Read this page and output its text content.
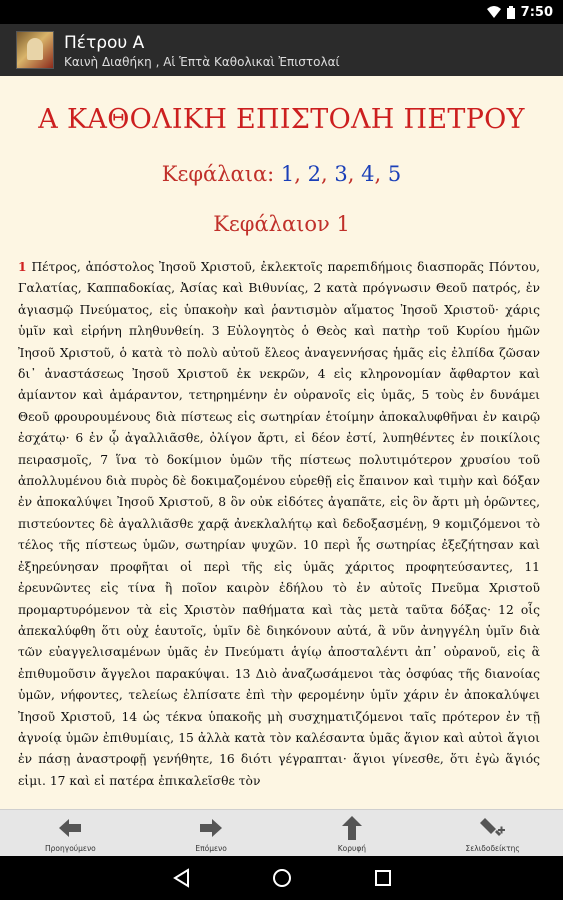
7:50
Πέτρου Α
Καινὴ Διαθήκη , Αἱ Ἑπτὰ Καθολικαὶ Ἐπιστολαί
Α ΚΑΘΟΛΙΚΗ ΕΠΙΣΤΟΛΗ ΠΕΤΡΟΥ
Κεφάλαια: 1, 2, 3, 4, 5
Κεφάλαιον 1
1 Πέτρος, ἀπόστολος Ἰησοῦ Χριστοῦ, ἐκλεκτοῖς παρεπιδήμοις διασπορᾶς Πόντου, Γαλατίας, Καππαδοκίας, Ἀσίας καὶ Βιθυνίας, 2 κατὰ πρόγνωσιν Θεοῦ πατρός, ἐν ἁγιασμῷ Πνεύματος, εἰς ὑπακοὴν καὶ ῥαντισμὸν αἵματος Ἰησοῦ Χριστοῦ· χάρις ὑμῖν καὶ εἰρήνη πληθυνθείη. 3 Εὐλογητὸς ὁ Θεὸς καὶ πατὴρ τοῦ Κυρίου ἡμῶν Ἰησοῦ Χριστοῦ, ὁ κατὰ τὸ πολὺ αὐτοῦ ἔλεος ἀναγεννήσας ἡμᾶς εἰς ἐλπίδα ζῶσαν δι᾽ ἀναστάσεως Ἰησοῦ Χριστοῦ ἐκ νεκρῶν, 4 εἰς κληρονομίαν ἄφθαρτον καὶ ἀμίαντον καὶ ἀμάραντον, τετηρημένην ἐν οὐρανοῖς εἰς ὑμᾶς, 5 τοὺς ἐν δυνάμει Θεοῦ φρουρουμένους διὰ πίστεως εἰς σωτηρίαν ἑτοίμην ἀποκαλυφθῆναι ἐν καιρῷ ἐσχάτῳ· 6 ἐν ᾧ ἀγαλλιᾶσθε, ὀλίγον ἄρτι, εἰ δέον ἐστί, λυπηθέντες ἐν ποικίλοις πειρασμοῖς, 7 ἵνα τὸ δοκίμιον ὑμῶν τῆς πίστεως πολυτιμότερον χρυσίου τοῦ ἀπολλυμένου διὰ πυρὸς δὲ δοκιμαζομένου εὑρεθῇ εἰς ἔπαινον καὶ τιμὴν καὶ δόξαν ἐν ἀποκαλύψει Ἰησοῦ Χριστοῦ, 8 ὃν οὐκ εἰδότες ἀγαπᾶτε, εἰς ὃν ἄρτι μὴ ὁρῶντες, πιστεύοντες δὲ ἀγαλλιᾶσθε χαρᾷ ἀνεκλαλήτῳ καὶ δεδοξασμένῃ, 9 κομιζόμενοι τὸ τέλος τῆς πίστεως ὑμῶν, σωτηρίαν ψυχῶν. 10 περὶ ἧς σωτηρίας ἐξεζήτησαν καὶ ἐξηρεύνησαν προφῆται οἱ περὶ τῆς εἰς ὑμᾶς χάριτος προφητεύσαντες, 11 ἐρευνῶντες εἰς τίνα ἢ ποῖον καιρὸν ἐδήλου τὸ ἐν αὐτοῖς Πνεῦμα Χριστοῦ προμαρτυρόμενον τὰ εἰς Χριστὸν παθήματα καὶ τὰς μετὰ ταῦτα δόξας· 12 οἷς ἀπεκαλύφθη ὅτι οὐχ ἑαυτοῖς, ὑμῖν δὲ διηκόνουν αὐτά, ἃ νῦν ἀνηγγέλη ὑμῖν διὰ τῶν εὐαγγελισαμένων ὑμᾶς ἐν Πνεύματι ἁγίῳ ἀποσταλέντι ἀπ᾽ οὐρανοῦ, εἰς ἃ ἐπιθυμοῦσιν ἄγγελοι παρακύψαι. 13 Διὸ ἀναζωσάμενοι τὰς ὀσφύας τῆς διανοίας ὑμῶν, νήφοντες, τελείως ἐλπίσατε ἐπὶ τὴν φερομένην ὑμῖν χάριν ἐν ἀποκαλύψει Ἰησοῦ Χριστοῦ, 14 ὡς τέκνα ὑπακοῆς μὴ συσχηματιζόμενοι ταῖς πρότερον ἐν τῇ ἀγνοίᾳ ὑμῶν ἐπιθυμίαις, 15 ἀλλὰ κατὰ τὸν καλέσαντα ὑμᾶς ἅγιον καὶ αὐτοὶ ἅγιοι ἐν πάσῃ ἀναστροφῇ γενήθητε, 16 διότι γέγραπται· ἅγιοι γίνεσθε, ὅτι ἐγὼ ἅγιός εἰμι. 17 καὶ εἰ πατέρα ἐπικαλεῖσθε τὸν
Προηγούμενο	Επόμενο	Κορυφή	Σελιδοδείκτης
